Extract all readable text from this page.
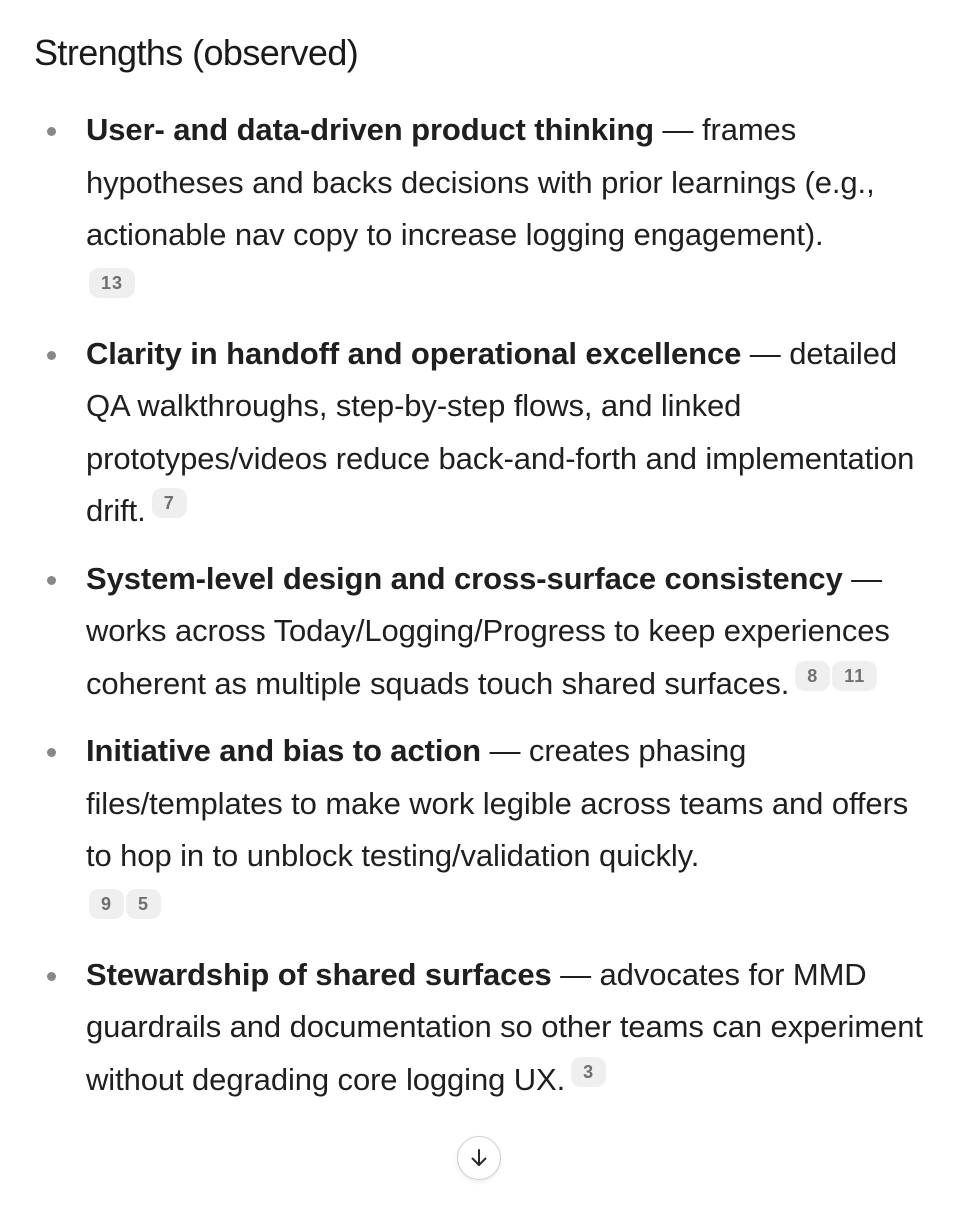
Strengths (observed)
User- and data-driven product thinking — frames hypotheses and backs decisions with prior learnings (e.g., actionable nav copy to increase logging engagement).
13
Clarity in handoff and operational excellence — detailed QA walkthroughs, step-by-step flows, and linked prototypes/videos reduce back-and-forth and implementation drift. 7
System-level design and cross-surface consistency — works across Today/Logging/Progress to keep experiences coherent as multiple squads touch shared surfaces. 8 11
Initiative and bias to action — creates phasing files/templates to make work legible across teams and offers to hop in to unblock testing/validation quickly.
9 5
Stewardship of shared surfaces — advocates for MMD guardrails and documentation so other teams can experiment without degrading core logging UX. 3
